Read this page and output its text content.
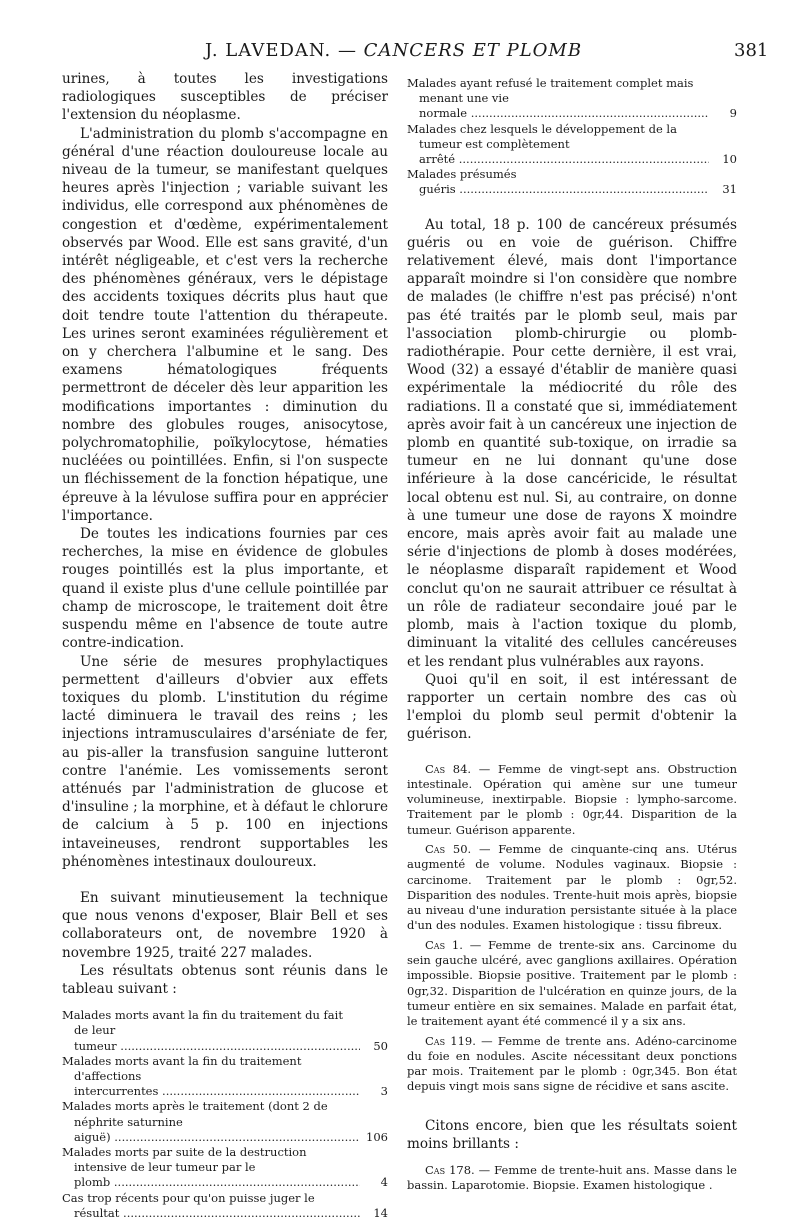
J. LAVEDAN. — CANCERS ET PLOMB	381

urines, à toutes les investigations radiologiques susceptibles de préciser l'extension du néoplasme.

L'administration du plomb s'accompagne en général d'une réaction douloureuse locale au niveau de la tumeur, se manifestant quelques heures après l'injection ; variable suivant les individus, elle correspond aux phénomènes de congestion et d'œdème, expérimentalement observés par Wood. Elle est sans gravité, d'un intérêt négligeable, et c'est vers la recherche des phénomènes généraux, vers le dépistage des accidents toxiques décrits plus haut que doit tendre toute l'attention du thérapeute. Les urines seront examinées régulièrement et on y cherchera l'albumine et le sang. Des examens hématologiques fréquents permettront de déceler dès leur apparition les modifications importantes : diminution du nombre des globules rouges, anisocytose, polychromatophilie, poïkylocytose, hématies nucléées ou pointillées. Enfin, si l'on suspecte un fléchissement de la fonction hépatique, une épreuve à la lévulose suffira pour en apprécier l'importance.

De toutes les indications fournies par ces recherches, la mise en évidence de globules rouges pointillés est la plus importante, et quand il existe plus d'une cellule pointillée par champ de microscope, le traitement doit être suspendu même en l'absence de toute autre contre-indication.

Une série de mesures prophylactiques permettent d'ailleurs d'obvier aux effets toxiques du plomb. L'institution du régime lacté diminuera le travail des reins ; les injections intramusculaires d'arséniate de fer, au pis-aller la transfusion sanguine lutteront contre l'anémie. Les vomissements seront atténués par l'administration de glucose et d'insuline ; la morphine, et à défaut le chlorure de calcium à 5 p. 100 en injections intaveineuses, rendront supportables les phénomènes intestinaux douloureux.

En suivant minutieusement la technique que nous venons d'exposer, Blair Bell et ses collaborateurs ont, de novembre 1920 à novembre 1925, traité 227 malades.

Les résultats obtenus sont réunis dans le tableau suivant :

Malades morts avant la fin du traitement du fait de leur tumeur .....	50
Malades morts avant la fin du traitement d'affections intercurrentes .....	3
Malades morts après le traitement (dont 2 de néphrite saturnine aiguë) .....	106
Malades morts par suite de la destruction intensive de leur tumeur par le plomb .....	4
Cas trop récents pour qu'on puisse juger le résultat .....	14
Malades ayant refusé le traitement complet mais menant une vie normale .....	9
Malades chez lesquels le développement de la tumeur est complètement arrêté .....	10
Malades présumés guéris .....	31

Au total, 18 p. 100 de cancéreux présumés guéris ou en voie de guérison. Chiffre relativement élevé, mais dont l'importance apparaît moindre si l'on considère que nombre de malades (le chiffre n'est pas précisé) n'ont pas été traités par le plomb seul, mais par l'association plomb-chirurgie ou plomb-radiothérapie. Pour cette dernière, il est vrai, Wood (32) a essayé d'établir de manière quasi expérimentale la médiocrité du rôle des radiations. Il a constaté que si, immédiatement après avoir fait à un cancéreux une injection de plomb en quantité sub-toxique, on irradie sa tumeur en ne lui donnant qu'une dose inférieure à la dose cancéricide, le résultat local obtenu est nul. Si, au contraire, on donne à une tumeur une dose de rayons X moindre encore, mais après avoir fait au malade une série d'injections de plomb à doses modérées, le néoplasme disparaît rapidement et Wood conclut qu'on ne saurait attribuer ce résultat à un rôle de radiateur secondaire joué par le plomb, mais à l'action toxique du plomb, diminuant la vitalité des cellules cancéreuses et les rendant plus vulnérables aux rayons.

Quoi qu'il en soit, il est intéressant de rapporter un certain nombre des cas où l'emploi du plomb seul permit d'obtenir la guérison.

Cas 84. — Femme de vingt-sept ans. Obstruction intestinale. Opération qui amène sur une tumeur volumineuse, inextirpable. Biopsie : lympho-sarcome. Traitement par le plomb : 0gr,44. Disparition de la tumeur. Guérison apparente.

Cas 50. — Femme de cinquante-cinq ans. Utérus augmenté de volume. Nodules vaginaux. Biopsie : carcinome. Traitement par le plomb : 0gr,52. Disparition des nodules. Trente-huit mois après, biopsie au niveau d'une induration persistante située à la place d'un des nodules. Examen histologique : tissu fibreux.

Cas 1. — Femme de trente-six ans. Carcinome du sein gauche ulcéré, avec ganglions axillaires. Opération impossible. Biopsie positive. Traitement par le plomb : 0gr,32. Disparition de l'ulcération en quinze jours, de la tumeur entière en six semaines. Malade en parfait état, le traitement ayant été commencé il y a six ans.

Cas 119. — Femme de trente ans. Adéno-carcinome du foie en nodules. Ascite nécessitant deux ponctions par mois. Traitement par le plomb : 0gr,345. Bon état depuis vingt mois sans signe de récidive et sans ascite.

Citons encore, bien que les résultats soient moins brillants :

Cas 178. — Femme de trente-huit ans. Masse dans le bassin. Laparotomie. Biopsie. Examen histologique .
